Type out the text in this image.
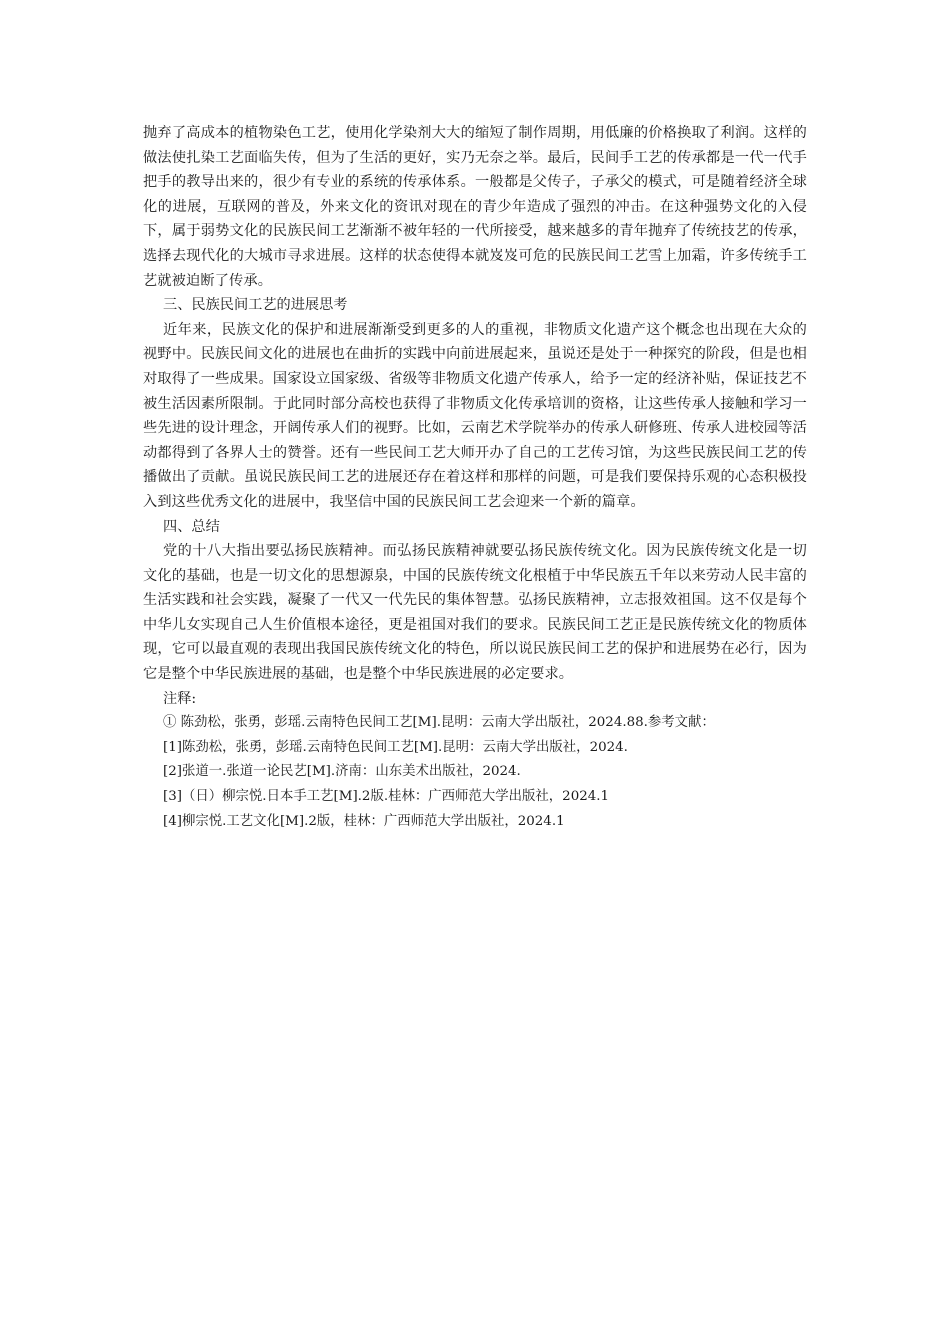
抛弃了高成本的植物染色工艺，使用化学染剂大大的缩短了制作周期，用低廉的价格换取了利润。这样的做法使扎染工艺面临失传，但为了生活的更好，实乃无奈之举。最后，民间手工艺的传承都是一代一代手把手的教导出来的，很少有专业的系统的传承体系。一般都是父传子，子承父的模式，可是随着经济全球化的进展，互联网的普及，外来文化的资讯对现在的青少年造成了强烈的冲击。在这种强势文化的入侵下，属于弱势文化的民族民间工艺渐渐不被年轻的一代所接受，越来越多的青年抛弃了传统技艺的传承，选择去现代化的大城市寻求进展。这样的状态使得本就岌岌可危的民族民间工艺雪上加霜，许多传统手工艺就被迫断了传承。

三、民族民间工艺的进展思考

近年来，民族文化的保护和进展渐渐受到更多的人的重视，非物质文化遗产这个概念也出现在大众的视野中。民族民间文化的进展也在曲折的实践中向前进展起来，虽说还是处于一种探究的阶段，但是也相对取得了一些成果。国家设立国家级、省级等非物质文化遗产传承人，给予一定的经济补贴，保证技艺不被生活因素所限制。于此同时部分高校也获得了非物质文化传承培训的资格，让这些传承人接触和学习一些先进的设计理念，开阔传承人们的视野。比如，云南艺术学院举办的传承人研修班、传承人进校园等活动都得到了各界人士的赞誉。还有一些民间工艺大师开办了自己的工艺传习馆，为这些民族民间工艺的传播做出了贡献。虽说民族民间工艺的进展还存在着这样和那样的问题，可是我们要保持乐观的心态积极投入到这些优秀文化的进展中，我坚信中国的民族民间工艺会迎来一个新的篇章。

四、总结

党的十八大指出要弘扬民族精神。而弘扬民族精神就要弘扬民族传统文化。因为民族传统文化是一切文化的基础，也是一切文化的思想源泉，中国的民族传统文化根植于中华民族五千年以来劳动人民丰富的生活实践和社会实践，凝聚了一代又一代先民的集体智慧。弘扬民族精神，立志报效祖国。这不仅是每个中华儿女实现自己人生价值根本途径，更是祖国对我们的要求。民族民间工艺正是民族传统文化的物质体现，它可以最直观的表现出我国民族传统文化的特色，所以说民族民间工艺的保护和进展势在必行，因为它是整个中华民族进展的基础，也是整个中华民族进展的必定要求。

注释:

① 陈劲松，张勇，彭瑶.云南特色民间工艺[M].昆明：云南大学出版社，2024.88.参考文献：

[1]陈劲松，张勇，彭瑶.云南特色民间工艺[M].昆明：云南大学出版社，2024.

[2]张道一.张道一论民艺[M].济南：山东美术出版社，2024.

[3]（日）柳宗悦.日本手工艺[M].2版.桂林：广西师范大学出版社，2024.1

[4]柳宗悦.工艺文化[M].2版，桂林：广西师范大学出版社，2024.1
